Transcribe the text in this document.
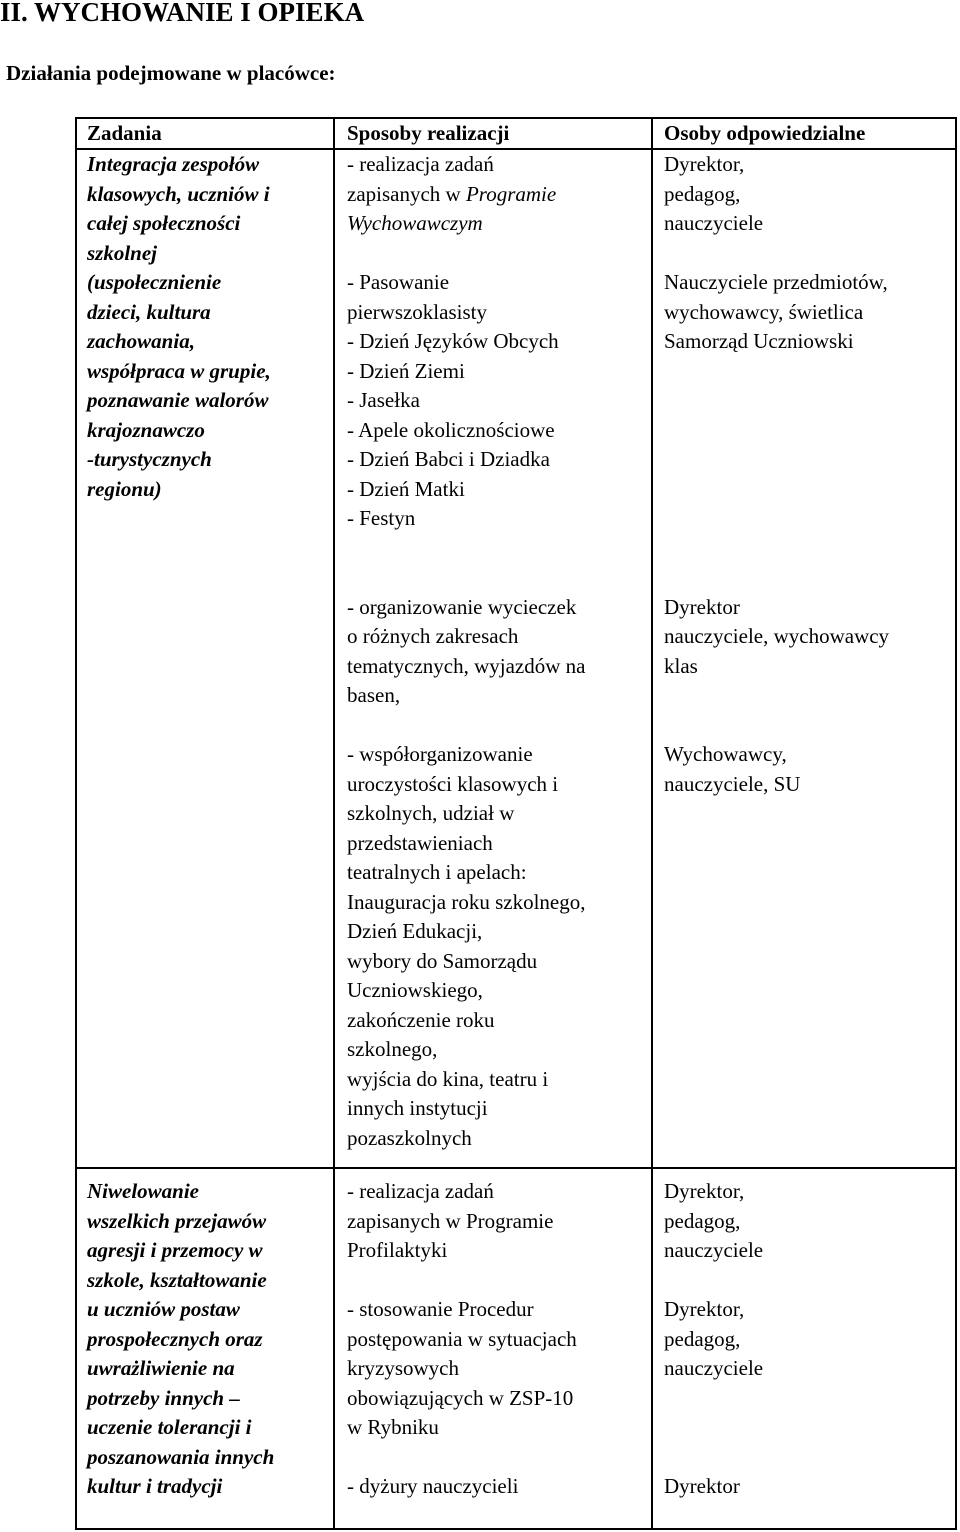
II. WYCHOWANIE I OPIEKA
Działania podejmowane w placówce:
Zadania	Sposoby realizacji	Osoby odpowiedzialne
Integracja zespołów
klasowych, uczniów i
całej społeczności
szkolnej
(uspołecznienie
dzieci, kultura
zachowania,
współpraca w grupie,
poznawanie walorów
krajoznawczo
-turystycznych
regionu)
- realizacja zadań
zapisanych w Programie
Wychowawczym
- Pasowanie
pierwszoklasisty
- Dzień Języków Obcych
- Dzień Ziemi
- Jasełka
- Apele okolicznościowe
- Dzień Babci i Dziadka
- Dzień Matki
- Festyn
- organizowanie wycieczek
o różnych zakresach
tematycznych, wyjazdów na
basen,
- współorganizowanie
uroczystości klasowych i
szkolnych, udział w
przedstawieniach
teatralnych i apelach:
Inauguracja roku szkolnego,
Dzień Edukacji,
wybory do Samorządu
Uczniowskiego,
zakończenie roku
szkolnego,
wyjścia do kina, teatru i
innych instytucji
pozaszkolnych
Dyrektor,
pedagog,
nauczyciele
Nauczyciele przedmiotów,
wychowawcy, świetlica
Samorząd Uczniowski
Dyrektor
nauczyciele, wychowawcy
klas
Wychowawcy,
nauczyciele, SU
Niwelowanie
wszelkich przejawów
agresji i przemocy w
szkole, kształtowanie
u uczniów postaw
prospołecznych oraz
uwrażliwienie na
potrzeby innych –
uczenie tolerancji i
poszanowania innych
kultur i tradycji
- realizacja zadań
zapisanych w Programie
Profilaktyki
- stosowanie Procedur
postępowania w sytuacjach
kryzysowych
obowiązujących w ZSP-10
w Rybniku
- dyżury nauczycieli
Dyrektor,
pedagog,
nauczyciele
Dyrektor,
pedagog,
nauczyciele
Dyrektor
